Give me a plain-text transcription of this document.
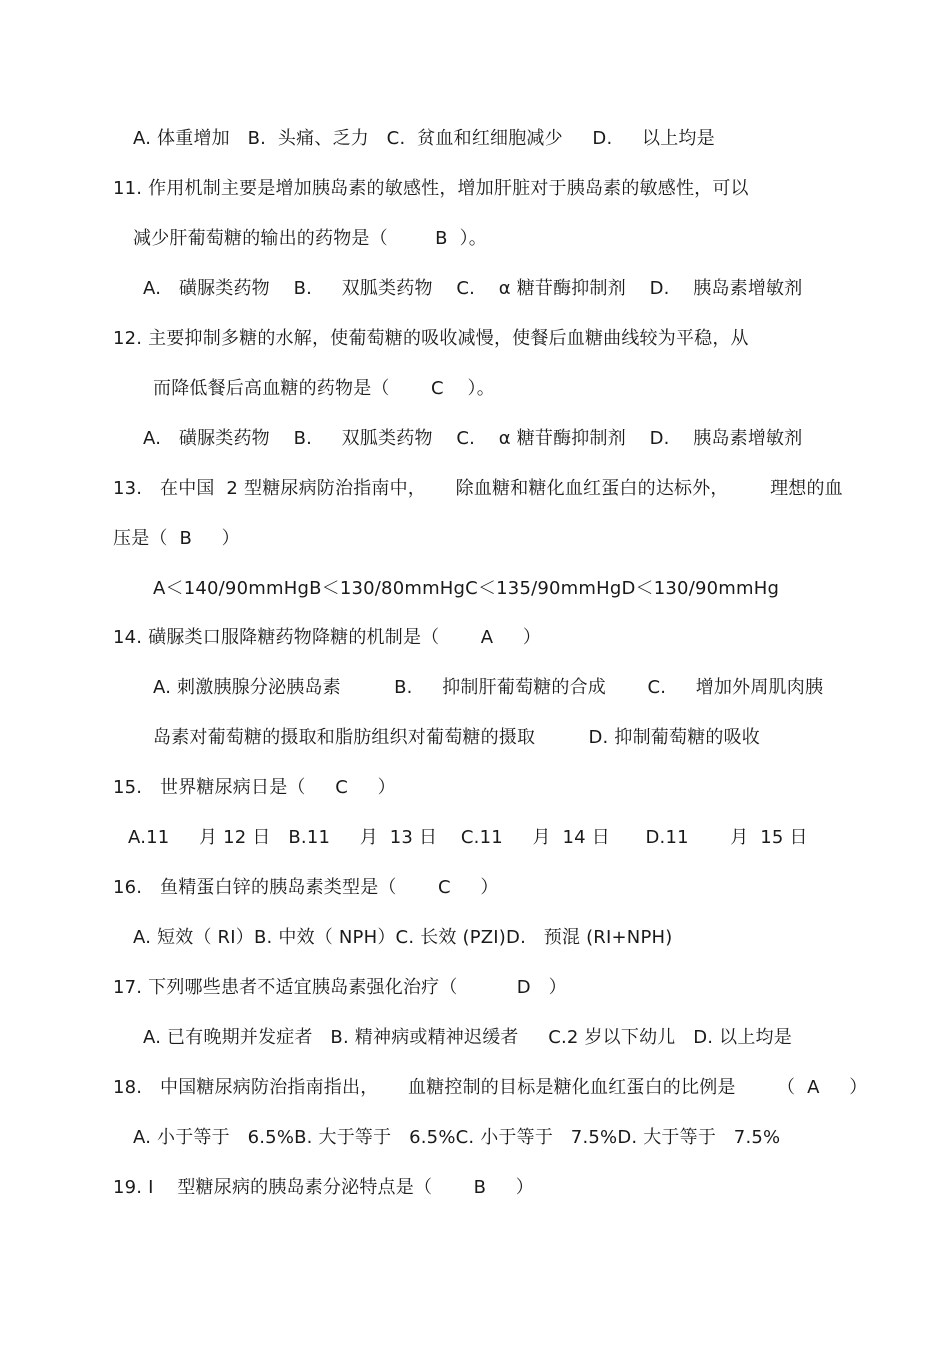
A. 体重增加   B.  头痛、乏力   C.  贫血和红细胞减少     D.     以上均是
11. 作用机制主要是增加胰岛素的敏感性，增加肝脏对于胰岛素的敏感性，可以
减少肝葡萄糖的输出的药物是（        B  ）。
A.   磺脲类药物    B.     双胍类药物    C.    α 糖苷酶抑制剂    D.    胰岛素增敏剂
12. 主要抑制多糖的水解，使葡萄糖的吸收减慢，使餐后血糖曲线较为平稳，从
而降低餐后高血糖的药物是（       C    ）。
A.   磺脲类药物    B.     双胍类药物    C.    α 糖苷酶抑制剂    D.    胰岛素增敏剂
13.   在中国  2 型糖尿病防治指南中，     除血糖和糖化血红蛋白的达标外，       理想的血
压是（  B     ）
A＜140/90mmHgB＜130/80mmHgC＜135/90mmHgD＜130/90mmHg
14. 磺脲类口服降糖药物降糖的机制是（       A     ）
A. 刺激胰腺分泌胰岛素         B.     抑制肝葡萄糖的合成       C.     增加外周肌肉胰
岛素对葡萄糖的摄取和脂肪组织对葡萄糖的摄取         D. 抑制葡萄糖的吸收
15.   世界糖尿病日是（     C     ）
A.11     月 12 日   B.11     月  13 日    C.11     月  14 日      D.11       月  15 日
16.   鱼精蛋白锌的胰岛素类型是（       C     ）
A. 短效（ RI）B. 中效（ NPH）C. 长效 (PZI)D.   预混 (RI+NPH)
17. 下列哪些患者不适宜胰岛素强化治疗（          D   ）
A. 已有晚期并发症者   B. 精神病或精神迟缓者     C.2 岁以下幼儿   D. 以上均是
18.   中国糖尿病防治指南指出，     血糖控制的目标是糖化血红蛋白的比例是       （  A     ）
A. 小于等于   6.5%B. 大于等于   6.5%C. 小于等于   7.5%D. 大于等于   7.5%
19. I    型糖尿病的胰岛素分泌特点是（       B     ）
